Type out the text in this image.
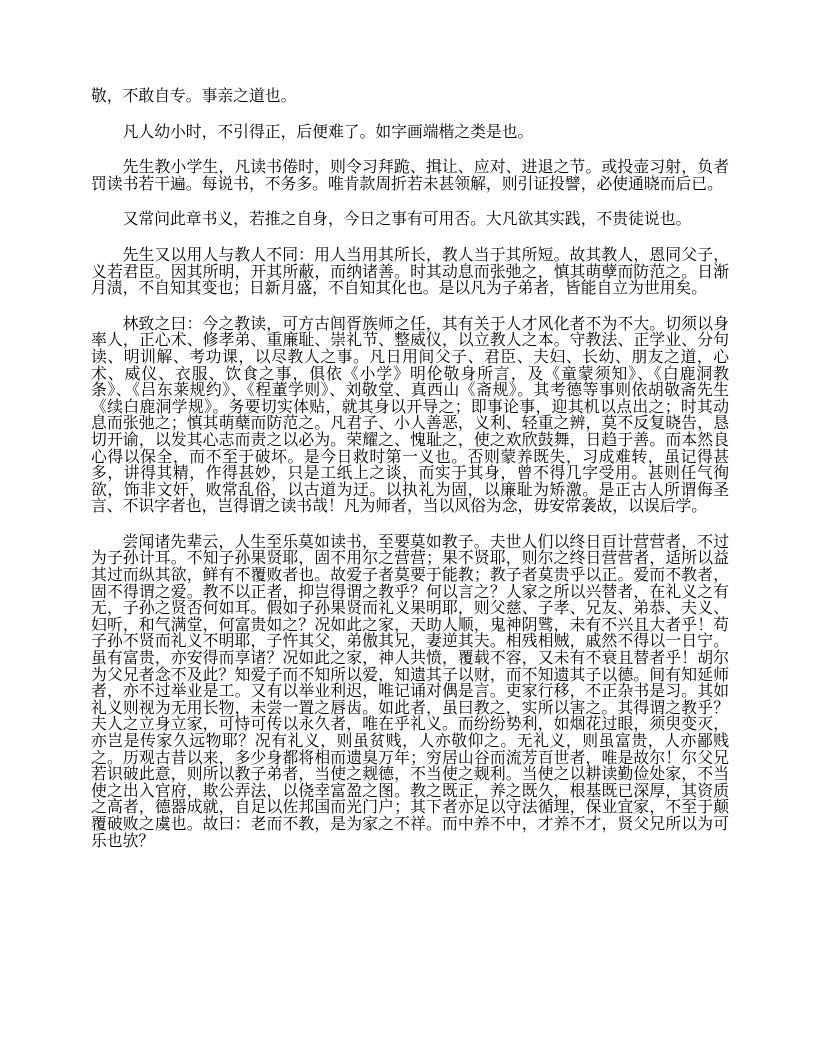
敬，不敢自专。事亲之道也。

凡人幼小时，不引得正，后便难了。如字画端楷之类是也。

先生教小学生，凡读书倦时，则令习拜跪、揖让、应对、进退之节。或投壶习射，负者罚读书若干遍。每说书，不务多。唯肯款周折若未甚领解，则引证投譬，必使通晓而后已。

又常问此章书义，若推之自身，今日之事有可用否。大凡欲其实践，不贵徒说也。

先生又以用人与教人不同：用人当用其所长，教人当于其所短。故其教人，恩同父子，义若君臣。因其所明，开其所蔽，而纳诸善。时其动息而张弛之，慎其萌孽而防范之。日渐月渍，不自知其变也；日新月盛，不自知其化也。是以凡为子弟者，皆能自立为世用矣。

林致之曰：今之教读，可方古闾胥族师之任，其有关于人才风化者不为不大。切须以身率人，正心术、修孝弟、重廉耻、崇礼节、整威仪，以立教人之本。守教法、正学业、分句读、明训解、考功课，以尽教人之事。凡日用间父子、君臣、夫妇、长幼、朋友之道，心术、威仪、衣服、饮食之事，俱依《小学》明伦敬身所言，及《童蒙须知》、《白鹿洞教条》、《吕东莱规约》、《程董学则》、刘敬堂、真西山《斋规》。其考德等事则依胡敬斋先生《续白鹿洞学规》。务要切实体贴，就其身以开导之；即事论事，迎其机以点出之；时其动息而张弛之；慎其萌蘖而防范之。凡君子、小人善恶，义利、轻重之辨，莫不反复晓告，恳切开谕，以发其心志而责之以必为。荣耀之、愧耻之，使之欢欣鼓舞，日趋于善。而本然良心得以保全，而不至于破坏。是今日救时第一义也。否则蒙养既失，习成难转，虽记得甚多，讲得其精，作得甚妙，只是工纸上之谈，而实于其身，曾不得几字受用。甚则任气徇欲，饰非文奸，败常乱俗，以古道为迂。以执礼为固，以廉耻为矫激。是正古人所谓侮圣言、不识字者也，岂得谓之读书哉！凡为师者，当以风俗为念，毋安常袭故，以误后学。

尝闻诸先辈云，人生至乐莫如读书，至要莫如教子。夫世人们以终日百计营营者，不过为子孙计耳。不知子孙果贤耶，固不用尔之营营；果不贤耶，则尔之终日营营者，适所以益其过而纵其欲，鲜有不覆败者也。故爱子者莫要于能教；教子者莫贵乎以正。爱而不教者，固不得谓之爱。教不以正者，抑岂得谓之教乎？何以言之？人家之所以兴替者，在礼义之有无，子孙之贤否何如耳。假如子孙果贤而礼义果明耶，则父慈、子孝、兄友、弟恭、夫义、妇听，和气满堂，何富贵如之？况如此之家，天助人顺，鬼神阴骘，未有不兴且大者乎！苟子孙不贤而礼义不明耶，子忤其父，弟傲其兄，妻逆其夫。相残相贼，戚然不得以一日宁。虽有富贵，亦安得而享诸？况如此之家，神人共愤，覆载不容，又未有不衰且替者乎！胡尔为父兄者念不及此？知爱子而不知所以爱，知遗其子以财，而不知遗其子以德。间有知延师者，亦不过举业是工。又有以举业利迟，唯记诵对偶是言。吏家行移，不正杂书是习。其如礼义则视为无用长物，未尝一置之唇齿。如此者，虽曰教之，实所以害之。其得谓之教乎？夫人之立身立家，可恃可传以永久者，唯在乎礼义。而纷纷势利，如烟花过眼，须臾变灭，亦岂是传家久远物耶？况有礼义，则虽贫贱，人亦敬仰之。无礼义，则虽富贵，人亦鄙贱之。历观古昔以来，多少身都将相而遗臭万年；穷居山谷而流芳百世者，唯是故尔！尔父兄若识破此意，则所以教子弟者，当使之觌德，不当使之觌利。当使之以耕读勤俭处家，不当使之出入官府，欺公弄法，以侥幸富盈之图。教之既正，养之既久，根基既已深厚，其资质之高者，德器成就，自足以佐邦国而光门户；其下者亦足以守法循理，保业宜家，不至于颠覆破败之虞也。故曰：老而不教，是为家之不祥。而中养不中，才养不才，贤父兄所以为可乐也欤？
